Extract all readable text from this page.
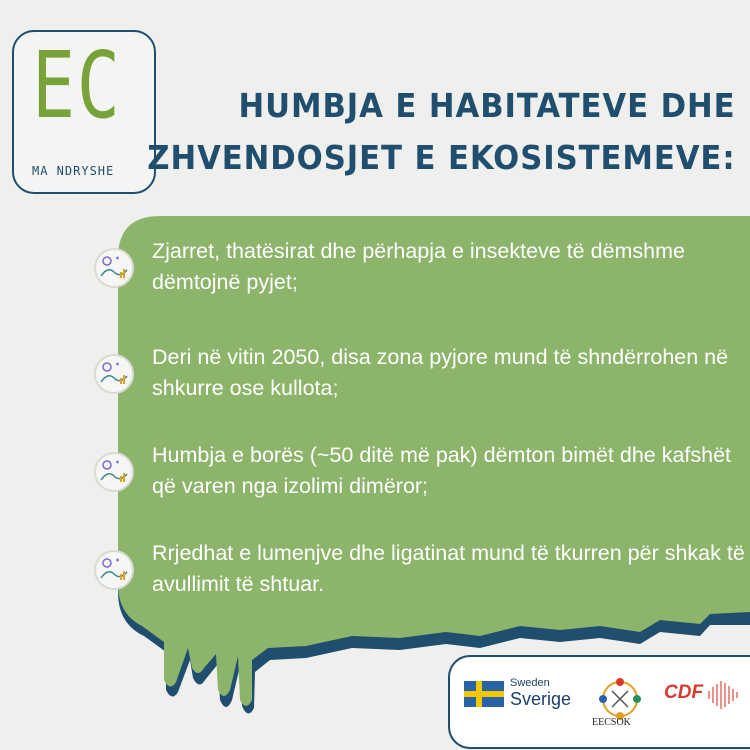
EC
MA NDRYSHE
HUMBJA E HABITATEVE DHE
ZHVENDOSJET E EKOSISTEMEVE:
Zjarret, thatësirat dhe përhapja e insekteve të dëmshme dëmtojnë pyjet;
Deri në vitin 2050, disa zona pyjore mund të shndërrohen në shkurre ose kullota;
Humbja e borës (~50 ditë më pak) dëmton bimët dhe kafshët që varen nga izolimi dimëror;
Rrjedhat e lumenjve dhe ligatinat mund të tkurren për shkak të avullimit të shtuar.
Sweden
Sverige
EECSOK
CDF
